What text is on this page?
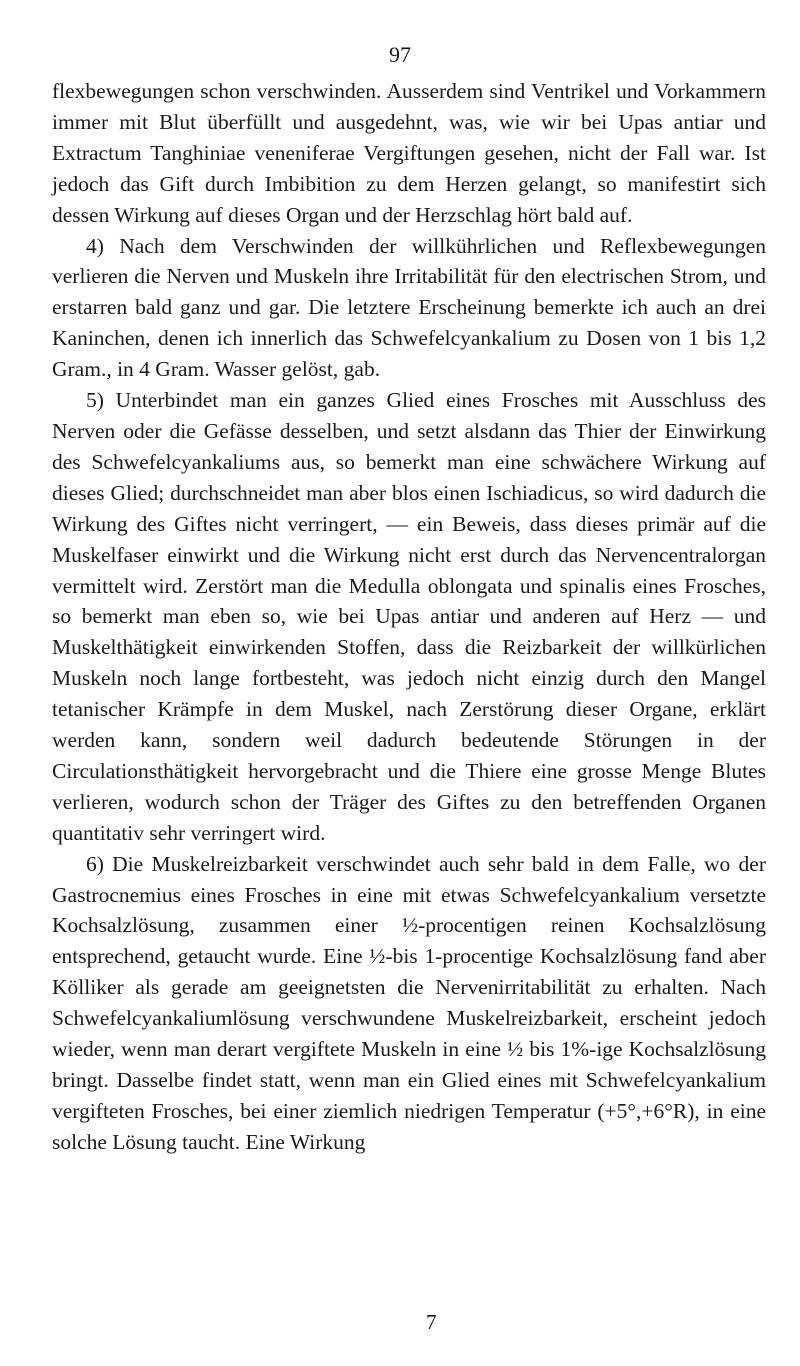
97

flexbewegungen schon verschwinden. Ausserdem sind Ventrikel und Vorkammern immer mit Blut überfüllt und ausgedehnt, was, wie wir bei Upas antiar und Extractum Tanghiniae veneniferae Vergiftungen gesehen, nicht der Fall war. Ist jedoch das Gift durch Imbibition zu dem Herzen gelangt, so manifestirt sich dessen Wirkung auf dieses Organ und der Herzschlag hört bald auf.

4) Nach dem Verschwinden der willkührlichen und Reflexbewegungen verlieren die Nerven und Muskeln ihre Irritabilität für den electrischen Strom, und erstarren bald ganz und gar. Die letztere Erscheinung bemerkte ich auch an drei Kaninchen, denen ich innerlich das Schwefelcyankalium zu Dosen von 1 bis 1,2 Gram., in 4 Gram. Wasser gelöst, gab.

5) Unterbindet man ein ganzes Glied eines Frosches mit Ausschluss des Nerven oder die Gefässe desselben, und setzt alsdann das Thier der Einwirkung des Schwefelcyankaliums aus, so bemerkt man eine schwächere Wirkung auf dieses Glied; durchschneidet man aber blos einen Ischiadicus, so wird dadurch die Wirkung des Giftes nicht verringert, — ein Beweis, dass dieses primär auf die Muskelfaser einwirkt und die Wirkung nicht erst durch das Nervencentralorgan vermittelt wird. Zerstört man die Medulla oblongata und spinalis eines Frosches, so bemerkt man eben so, wie bei Upas antiar und anderen auf Herz — und Muskelthätigkeit einwirkenden Stoffen, dass die Reizbarkeit der willkürlichen Muskeln noch lange fortbesteht, was jedoch nicht einzig durch den Mangel tetanischer Krämpfe in dem Muskel, nach Zerstörung dieser Organe, erklärt werden kann, sondern weil dadurch bedeutende Störungen in der Circulationsthätigkeit hervorgebracht und die Thiere eine grosse Menge Blutes verlieren, wodurch schon der Träger des Giftes zu den betreffenden Organen quantitativ sehr verringert wird.

6) Die Muskelreizbarkeit verschwindet auch sehr bald in dem Falle, wo der Gastrocnemius eines Frosches in eine mit etwas Schwefelcyankalium versetzte Kochsalzlösung, zusammen einer ½-procentigen reinen Kochsalzlösung entsprechend, getaucht wurde. Eine ½-bis 1-procentige Kochsalzlösung fand aber Kölliker als gerade am geeignetsten die Nervenirritabilität zu erhalten. Nach Schwefelcyankaliumlösung verschwundene Muskelreizbarkeit, erscheint jedoch wieder, wenn man derart vergiftete Muskeln in eine ½ bis 1%-ige Kochsalzlösung bringt. Dasselbe findet statt, wenn man ein Glied eines mit Schwefelcyankalium vergifteten Frosches, bei einer ziemlich niedrigen Temperatur (+5°,+6°R), in eine solche Lösung taucht. Eine Wirkung

7
